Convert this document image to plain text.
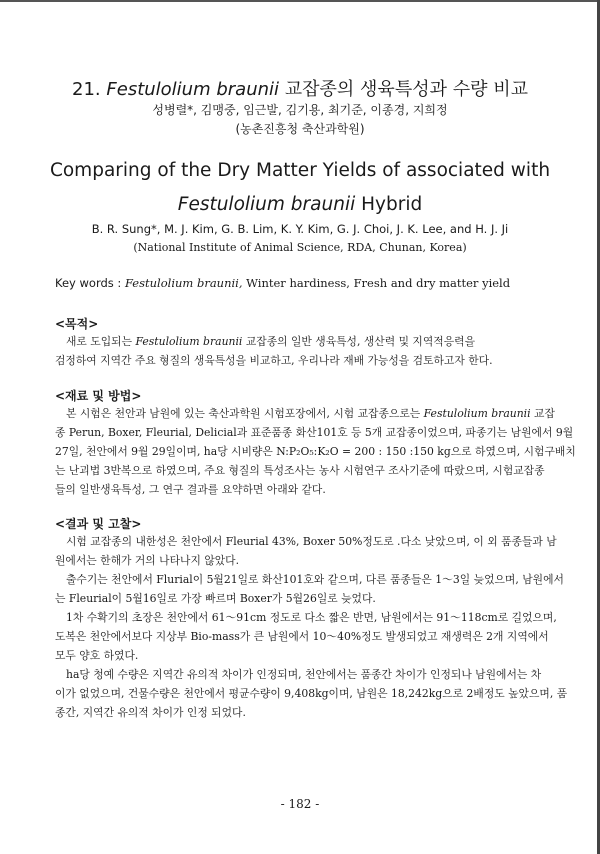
21. Festulolium braunii 교잡종의 생육특성과 수량 비교
성병렬*, 김맹중, 임근발, 김기용, 최기준, 이종경, 지희정
(농촌진흥청 축산과학원)
Comparing of the Dry Matter Yields of associated with
Festulolium braunii Hybrid
B. R. Sung*, M. J. Kim, G. B. Lim, K. Y. Kim, G. J. Choi, J. K. Lee, and H. J. Ji
(National Institute of Animal Science, RDA, Chunan, Korea)
Key words : Festulolium braunii, Winter hardiness, Fresh and dry matter yield
<목적>
새로 도입되는 Festulolium braunii 교잡종의 일반 생육특성, 생산력 및 지역적응력을
검정하여 지역간 주요 형질의 생육특성을 비교하고, 우리나라 재배 가능성을 검토하고자 한다.
<재료 및 방법>
본 시험은 천안과 남원에 있는 축산과학원 시험포장에서, 시험 교잡종으로는 Festulolium braunii 교잡
종 Perun, Boxer, Fleurial, Delicial과 표준품종 화산101호 등 5개 교잡종이었으며, 파종기는 남원에서 9월
27일, 천안에서 9월 29일이며, ha당 시비량은 N:P₂O₅:K₂O = 200 : 150 :150 kg으로 하였으며, 시험구배치
는 난괴법 3반복으로 하였으며, 주요 형질의 특성조사는 농사 시험연구 조사기준에 따랐으며, 시험교잡종
들의 일반생육특성, 그 연구 결과를 요약하면 아래와 같다.
<결과 및 고찰>
시험 교잡종의 내한성은 천안에서 Fleurial 43%, Boxer 50%정도로 .다소 낮았으며, 이 외 품종들과 남
원에서는 한해가 거의 나타나지 않았다.
출수기는 천안에서 Flurial이 5월21일로 화산101호와 같으며, 다른 품종들은 1～3일 늦었으며, 남원에서
는 Fleurial이 5월16일로 가장 빠르며 Boxer가 5월26일로 늦었다.
1차 수확기의 초장은 천안에서 61～91cm 정도로 다소 짧은 반면, 남원에서는 91～118cm로 길었으며,
도복은 천안에서보다 지상부 Bio-mass가 큰 남원에서 10～40%정도 발생되었고 재생력은 2개 지역에서
모두 양호 하였다.
ha당 청예 수량은 지역간 유의적 차이가 인정되며, 천안에서는 품종간 차이가 인정되나 남원에서는 차
이가 없었으며, 건물수량은 천안에서 평균수량이 9,408kg이며, 남원은 18,242kg으로 2배정도 높았으며, 품
종간, 지역간 유의적 차이가 인정 되었다.
- 182 -
